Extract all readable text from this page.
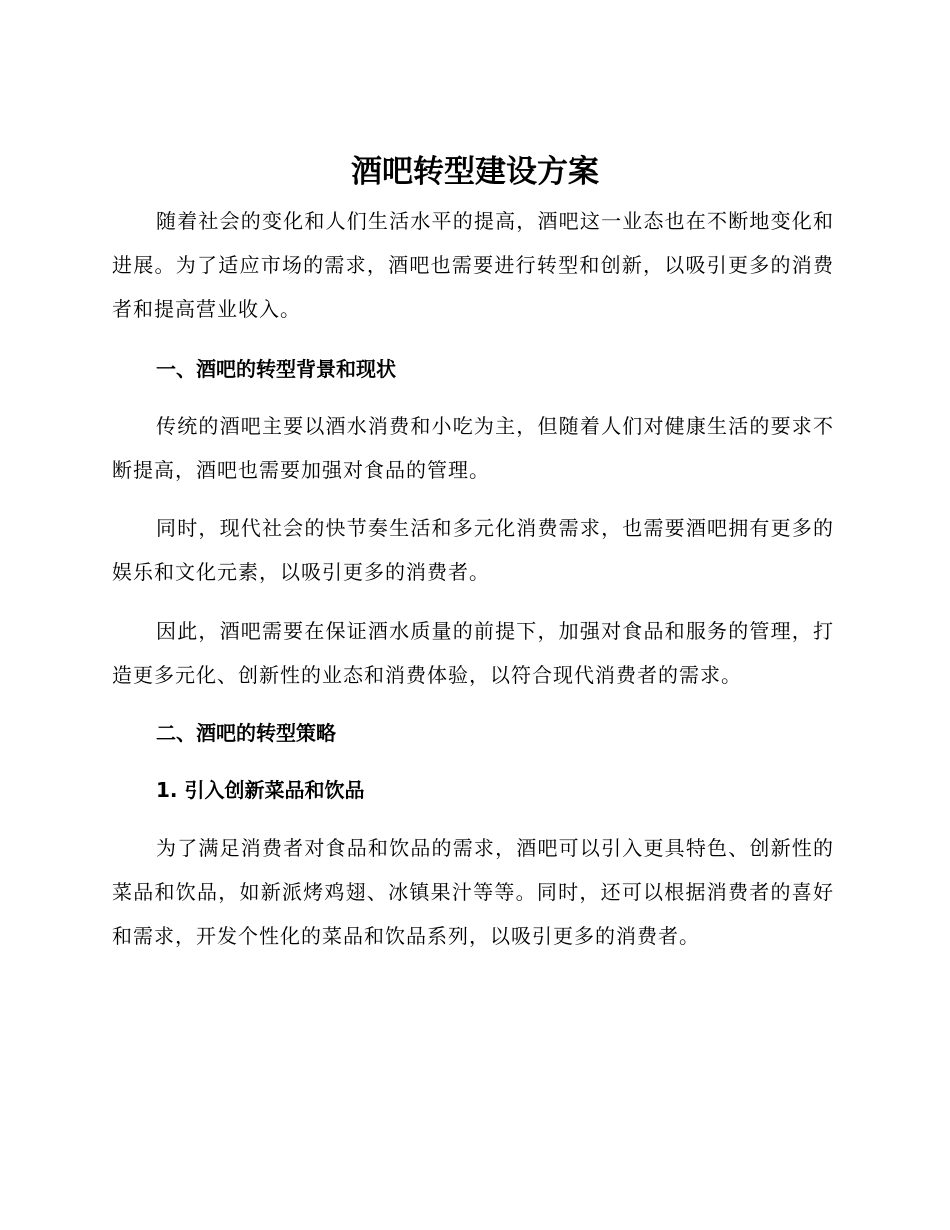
酒吧转型建设方案
随着社会的变化和人们生活水平的提高，酒吧这一业态也在不断地变化和进展。为了适应市场的需求，酒吧也需要进行转型和创新，以吸引更多的消费者和提高营业收入。
一、酒吧的转型背景和现状
传统的酒吧主要以酒水消费和小吃为主，但随着人们对健康生活的要求不断提高，酒吧也需要加强对食品的管理。
同时，现代社会的快节奏生活和多元化消费需求，也需要酒吧拥有更多的娱乐和文化元素，以吸引更多的消费者。
因此，酒吧需要在保证酒水质量的前提下，加强对食品和服务的管理，打造更多元化、创新性的业态和消费体验，以符合现代消费者的需求。
二、酒吧的转型策略
1. 引入创新菜品和饮品
为了满足消费者对食品和饮品的需求，酒吧可以引入更具特色、创新性的菜品和饮品，如新派烤鸡翅、冰镇果汁等等。同时，还可以根据消费者的喜好和需求，开发个性化的菜品和饮品系列，以吸引更多的消费者。
